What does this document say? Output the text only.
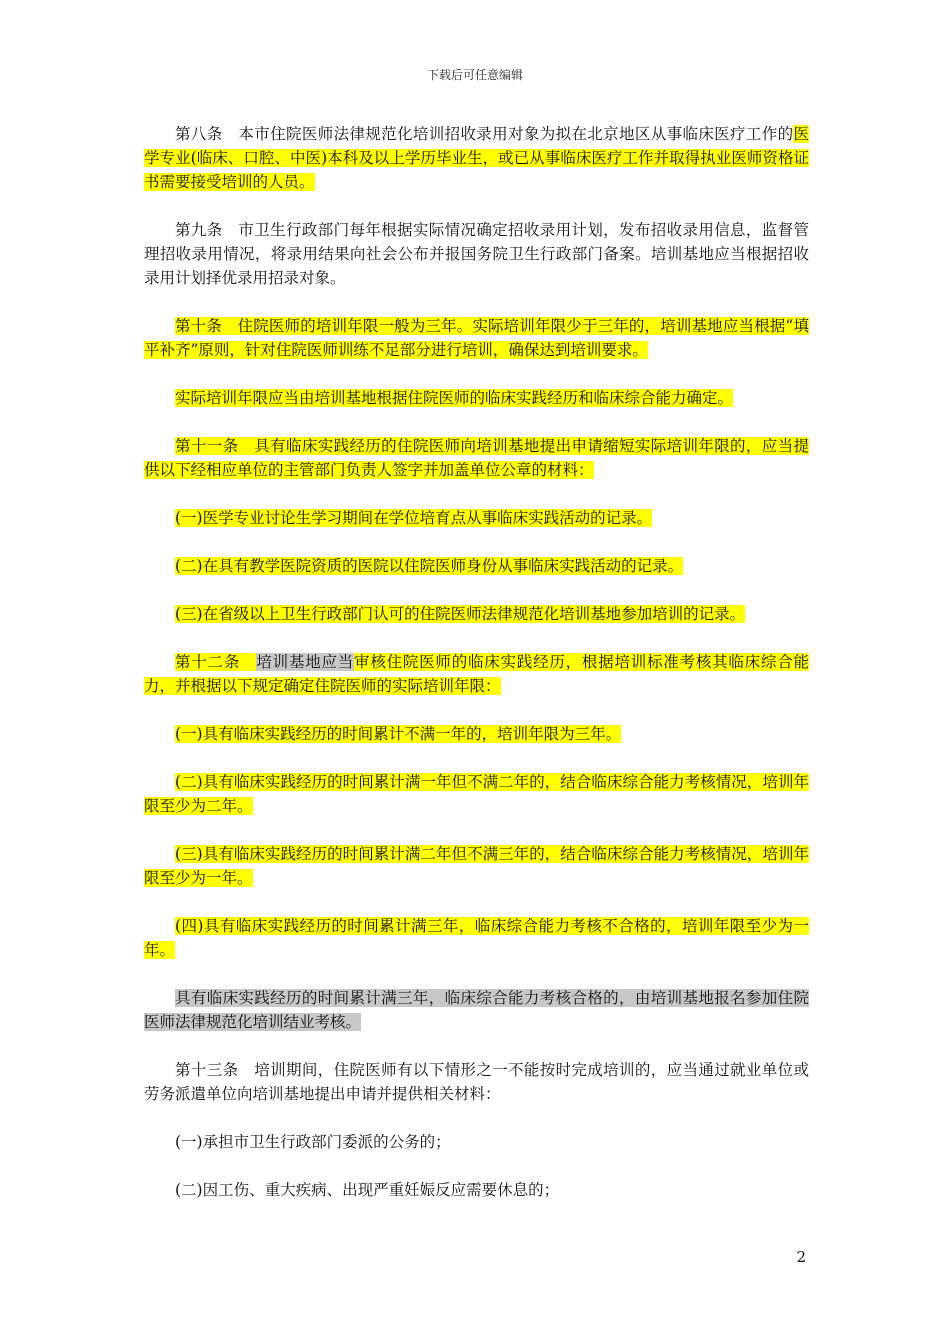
下载后可任意编辑

第八条　本市住院医师法律规范化培训招收录用对象为拟在北京地区从事临床医疗工作的医学专业(临床、口腔、中医)本科及以上学历毕业生，或已从事临床医疗工作并取得执业医师资格证书需要接受培训的人员。

第九条　市卫生行政部门每年根据实际情况确定招收录用计划，发布招收录用信息，监督管理招收录用情况，将录用结果向社会公布并报国务院卫生行政部门备案。培训基地应当根据招收录用计划择优录用招录对象。

第十条　住院医师的培训年限一般为三年。实际培训年限少于三年的，培训基地应当根据“填平补齐”原则，针对住院医师训练不足部分进行培训，确保达到培训要求。

实际培训年限应当由培训基地根据住院医师的临床实践经历和临床综合能力确定。

第十一条　具有临床实践经历的住院医师向培训基地提出申请缩短实际培训年限的，应当提供以下经相应单位的主管部门负责人签字并加盖单位公章的材料：

(一)医学专业讨论生学习期间在学位培育点从事临床实践活动的记录。

(二)在具有教学医院资质的医院以住院医师身份从事临床实践活动的记录。

(三)在省级以上卫生行政部门认可的住院医师法律规范化培训基地参加培训的记录。

第十二条　培训基地应当审核住院医师的临床实践经历，根据培训标准考核其临床综合能力，并根据以下规定确定住院医师的实际培训年限：

(一)具有临床实践经历的时间累计不满一年的，培训年限为三年。

(二)具有临床实践经历的时间累计满一年但不满二年的，结合临床综合能力考核情况，培训年限至少为二年。

(三)具有临床实践经历的时间累计满二年但不满三年的，结合临床综合能力考核情况，培训年限至少为一年。

(四)具有临床实践经历的时间累计满三年，临床综合能力考核不合格的，培训年限至少为一年。

具有临床实践经历的时间累计满三年，临床综合能力考核合格的，由培训基地报名参加住院医师法律规范化培训结业考核。

第十三条　培训期间，住院医师有以下情形之一不能按时完成培训的，应当通过就业单位或劳务派遣单位向培训基地提出申请并提供相关材料：

(一)承担市卫生行政部门委派的公务的；

(二)因工伤、重大疾病、出现严重妊娠反应需要休息的；

2
